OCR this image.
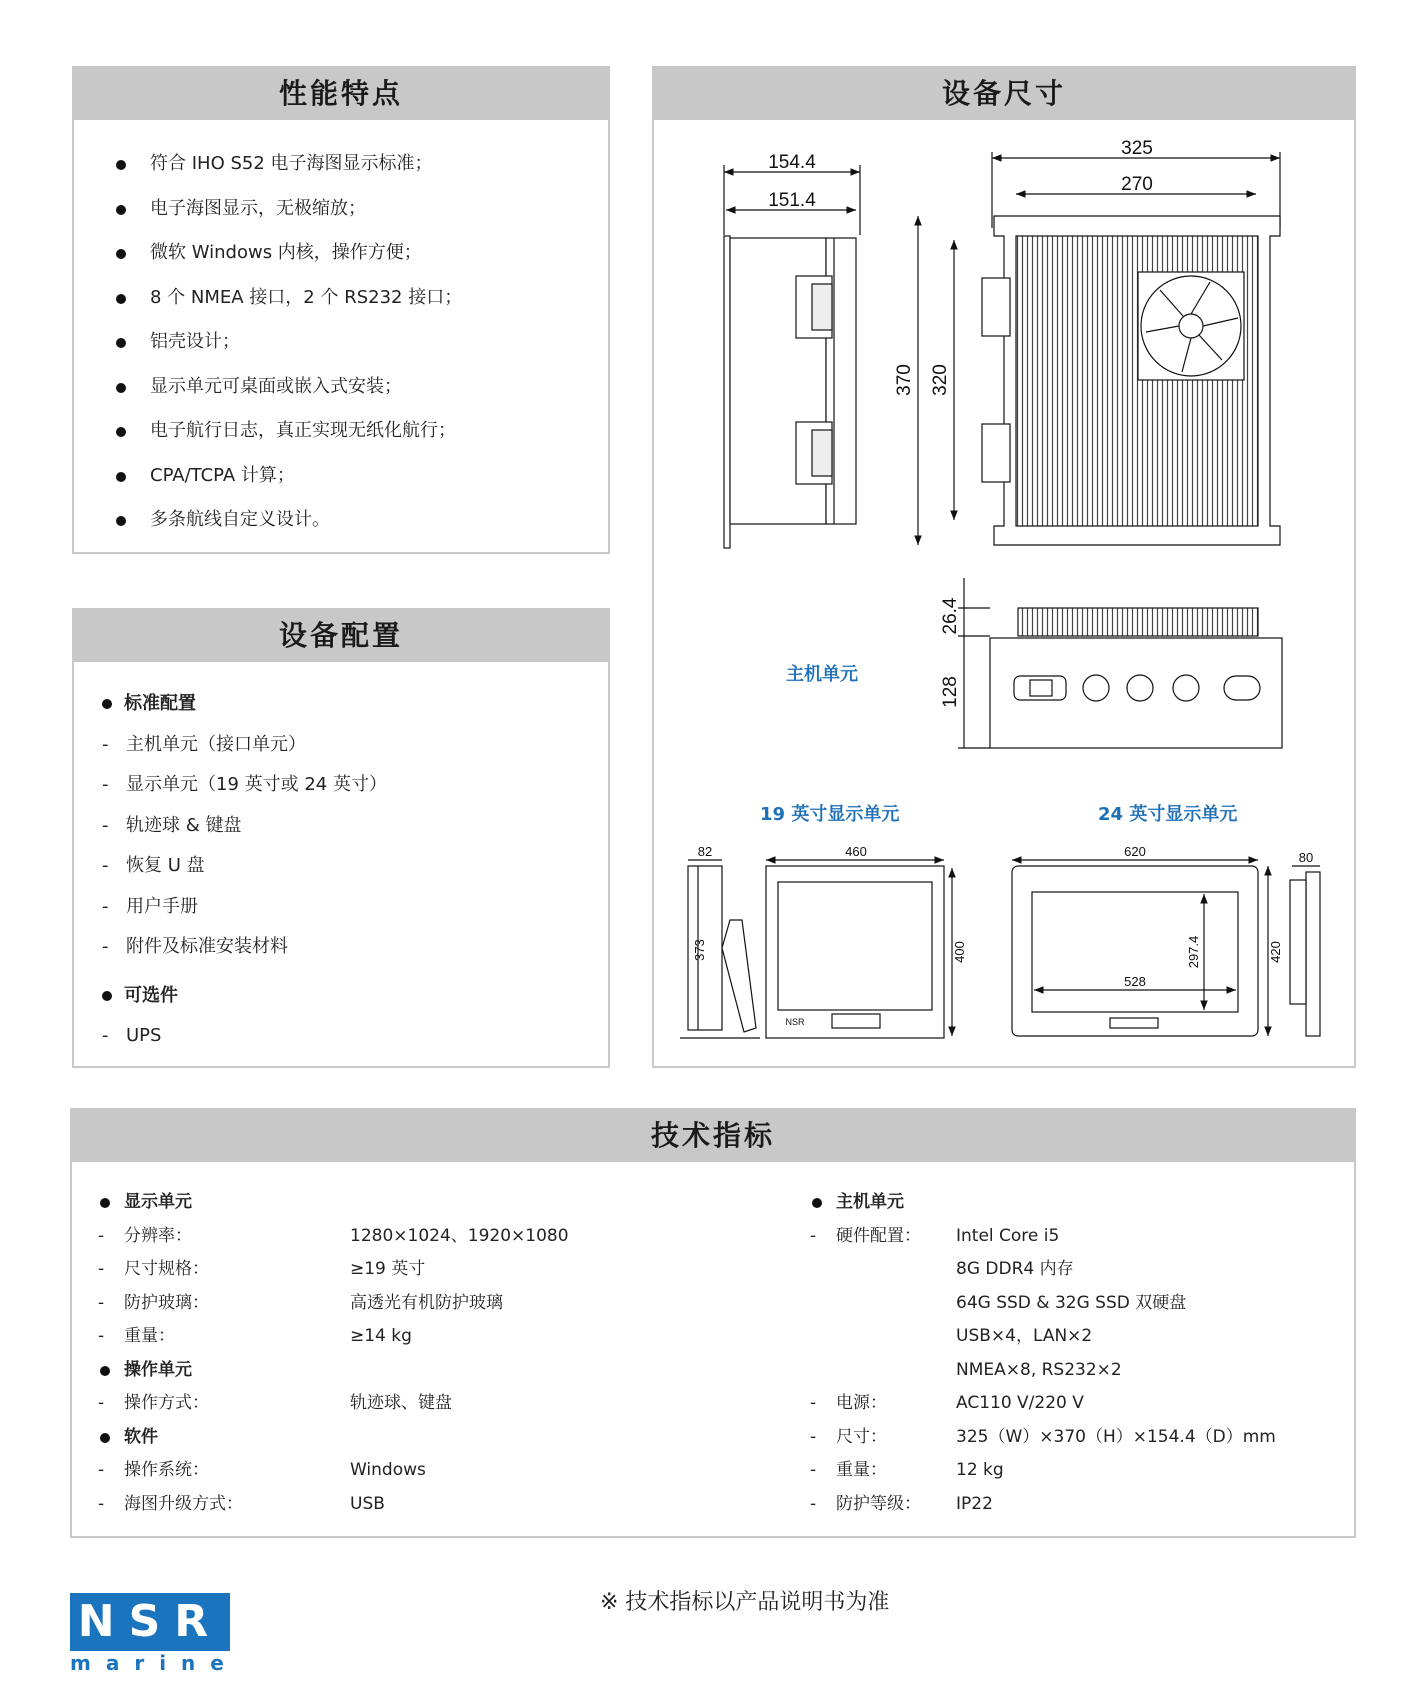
性能特点
符合 IHO S52 电子海图显示标准；
电子海图显示，无极缩放；
微软 Windows 内核，操作方便；
8 个 NMEA 接口，2 个 RS232 接口；
铝壳设计；
显示单元可桌面或嵌入式安装；
电子航行日志，真正实现无纸化航行；
CPA/TCPA 计算；
多条航线自定义设计。
设备配置
标准配置
- 主机单元（接口单元）
- 显示单元（19 英寸或 24 英寸）
- 轨迹球 & 键盘
- 恢复 U 盘
- 用户手册
- 附件及标准安装材料
可选件
- UPS
设备尺寸
154.4
151.4
325
270
370 320
26.4
128
82
373
460
400
NSR
620
528
297.4	420
80
主机单元
19 英寸显示单元	24 英寸显示单元
技术指标
显示单元
- 分辨率：	1280×1024、1920×1080
- 尺寸规格：	≥19 英寸
- 防护玻璃：	高透光有机防护玻璃
- 重量：	≥14 kg
操作单元
- 操作方式：	轨迹球、键盘
软件
- 操作系统：	Windows
- 海图升级方式：	USB
主机单元
- 硬件配置： Intel Core i5
8G DDR4 内存
64G SSD & 32G SSD 双硬盘
USB×4，LAN×2
NMEA×8, RS232×2
- 电源：	AC110 V/220 V
- 尺寸：	325（W）×370（H）×154.4（D）mm
- 重量：	12 kg
- 防护等级： IP22
NSR
marine
※ 技术指标以产品说明书为准
